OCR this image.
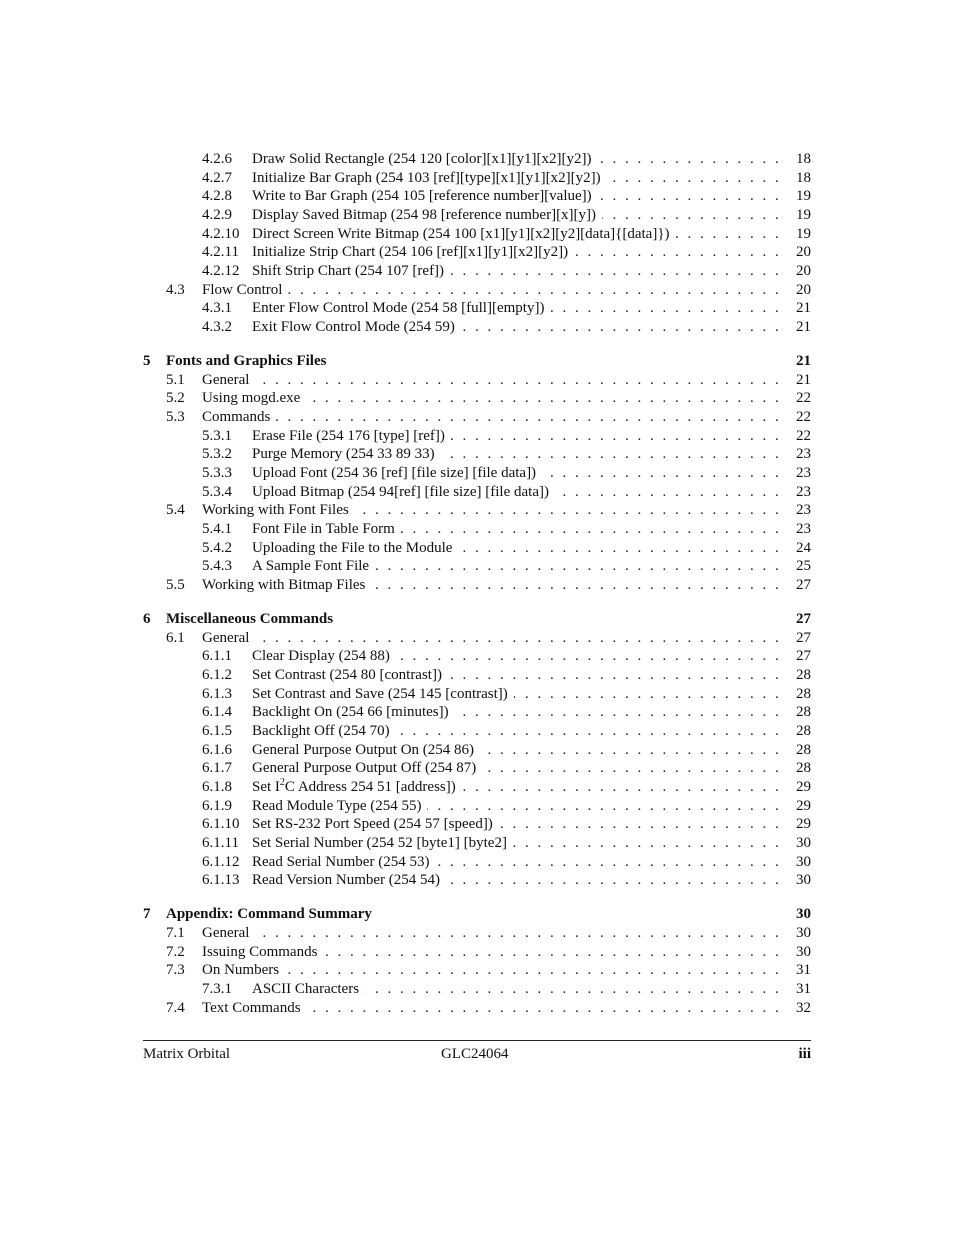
. . .
4.2.6 Draw Solid Rectangle (254 120 [color][x1][y1][x2][y2])	18
. . .
4.2.7 Initialize Bar Graph (254 103 [ref][type][x1][y1][x2][y2])	18
. . .
4.2.8 Write to Bar Graph (254 105 [reference number][value])	19
. . .
4.2.9 Display Saved Bitmap (254 98 [reference number][x][y])	19
. . .
4.2.10 Direct Screen Write Bitmap (254 100 [x1][y1][x2][y2][data]{[data]})	19
. . .
4.2.11 Initialize Strip Chart (254 106 [ref][x1][y1][x2][y2])	20
. . .
4.2.12 Shift Strip Chart (254 107 [ref])	20
. . .
4.3 Flow Control	20
. . .
4.3.1 Enter Flow Control Mode (254 58 [full][empty])	21
. . .
4.3.2 Exit Flow Control Mode (254 59)	21
5 Fonts and Graphics Files	21
. . .
5.1 General	21
. . .
5.2 Using mogd.exe	22
. . .
5.3 Commands	22
. . .
5.3.1 Erase File (254 176 [type] [ref])	22
. . .
5.3.2 Purge Memory (254 33 89 33)	23
. . .
5.3.3 Upload Font (254 36 [ref] [file size] [file data])	23
. . .
5.3.4 Upload Bitmap (254 94[ref] [file size] [file data])	23
. . .
5.4 Working with Font Files	23
. . .
5.4.1 Font File in Table Form	23
. . .
5.4.2 Uploading the File to the Module	24
. . .
5.4.3 A Sample Font File	25
. . .
5.5 Working with Bitmap Files	27
6 Miscellaneous Commands	27
. . .
6.1 General	27
. . .
6.1.1 Clear Display (254 88)	27
. . .
6.1.2 Set Contrast (254 80 [contrast])	28
. . .
6.1.3 Set Contrast and Save (254 145 [contrast])	28
. . .
6.1.4 Backlight On (254 66 [minutes])	28
. . .
6.1.5 Backlight Off (254 70)	28
. . .
6.1.6 General Purpose Output On (254 86)	28
. . .
6.1.7 General Purpose Output Off (254 87)	28
. . .
6.1.8 Set $I^2C$ Address 254 51 [address])	29
. . .
6.1.9 Read Module Type (254 55)	29
. . .
6.1.10 Set RS-232 Port Speed (254 57 [speed])	29
. . .
6.1.11 Set Serial Number (254 52 [byte1] [byte2]	30
. . .
6.1.12 Read Serial Number (254 53)	30
. . .
6.1.13 Read Version Number (254 54)	30
7 Appendix: Command Summary	30
. . .
7.1 General	30
. . .
7.2 Issuing Commands	30
. . .
7.3 On Numbers	31
. . .
7.3.1 ASCII Characters	31
. . .
7.4 Text Commands	32
Matrix Orbital	GLC24064	iii
